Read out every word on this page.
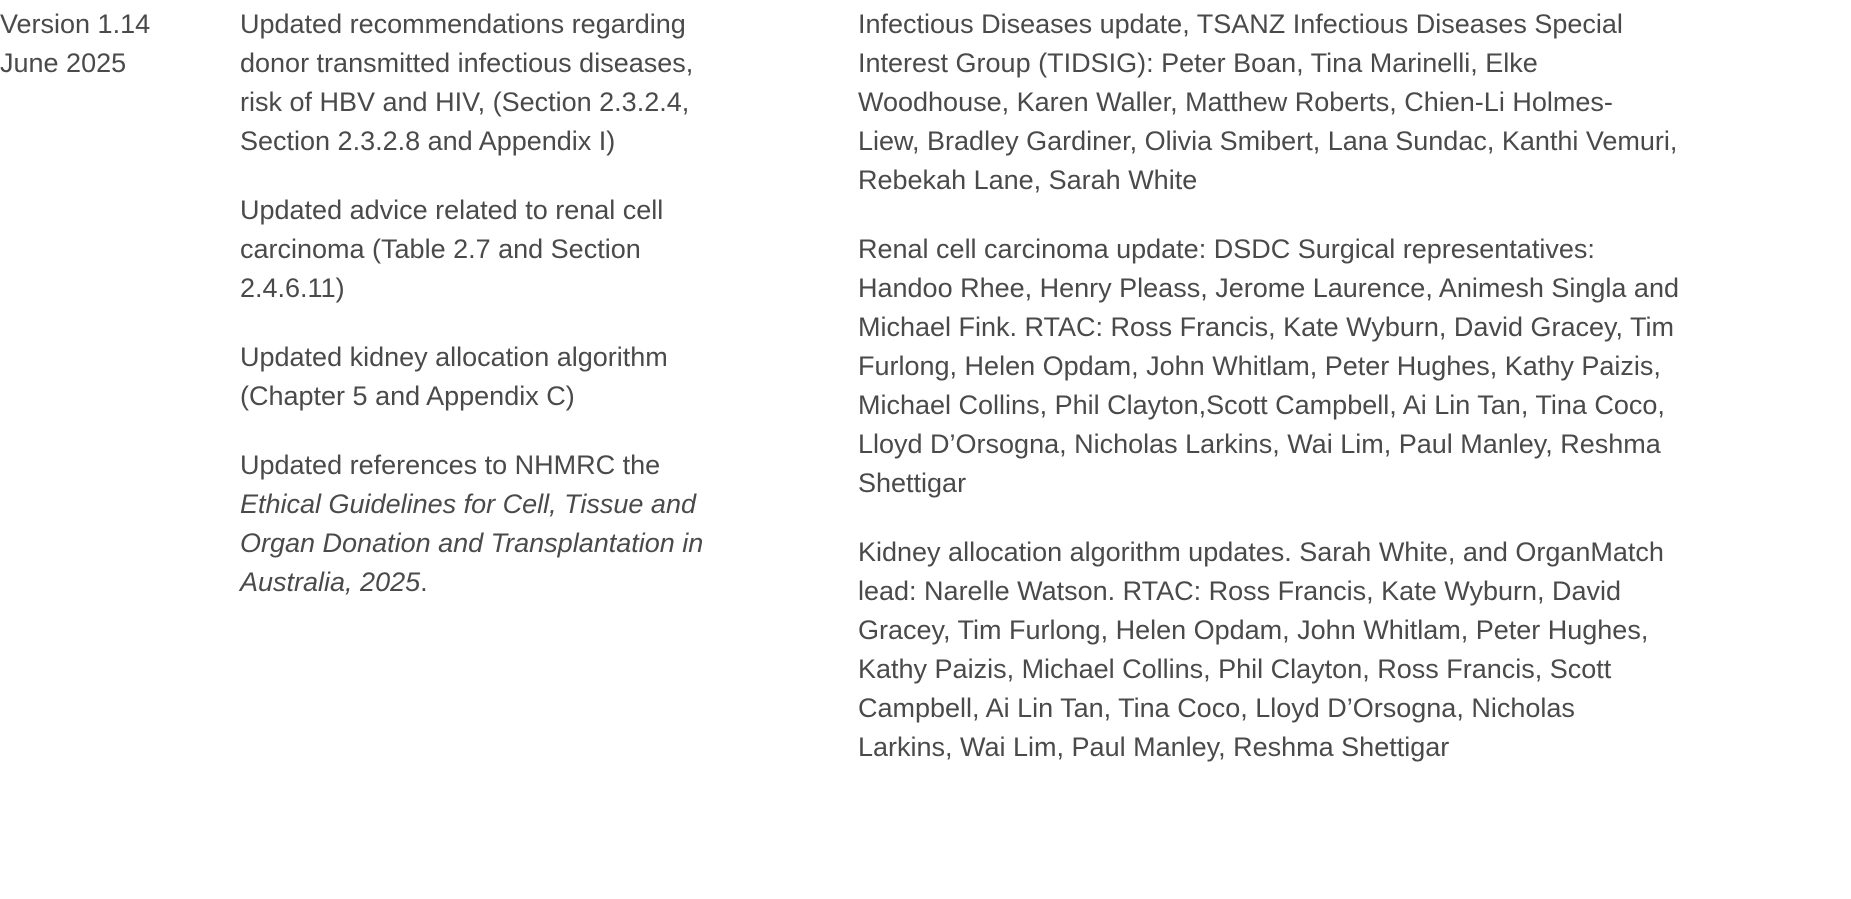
Version 1.14
June 2025
Updated recommendations regarding
donor transmitted infectious diseases,
risk of HBV and HIV, (Section 2.3.2.4,
Section 2.3.2.8 and Appendix I)
Updated advice related to renal cell
carcinoma (Table 2.7 and Section
2.4.6.11)
Updated kidney allocation algorithm
(Chapter 5 and Appendix C)
Updated references to NHMRC the
Ethical Guidelines for Cell, Tissue and
Organ Donation and Transplantation in
Australia, 2025.
Infectious Diseases update, TSANZ Infectious Diseases Special
Interest Group (TIDSIG): Peter Boan, Tina Marinelli, Elke
Woodhouse, Karen Waller, Matthew Roberts, Chien-Li Holmes-
Liew, Bradley Gardiner, Olivia Smibert, Lana Sundac, Kanthi Vemuri,
Rebekah Lane, Sarah White
Renal cell carcinoma update: DSDC Surgical representatives:
Handoo Rhee, Henry Pleass, Jerome Laurence, Animesh Singla and
Michael Fink. RTAC: Ross Francis, Kate Wyburn, David Gracey, Tim
Furlong, Helen Opdam, John Whitlam, Peter Hughes, Kathy Paizis,
Michael Collins, Phil Clayton,Scott Campbell, Ai Lin Tan, Tina Coco,
Lloyd D’Orsogna, Nicholas Larkins, Wai Lim, Paul Manley, Reshma
Shettigar
Kidney allocation algorithm updates. Sarah White, and OrganMatch
lead: Narelle Watson. RTAC: Ross Francis, Kate Wyburn, David
Gracey, Tim Furlong, Helen Opdam, John Whitlam, Peter Hughes,
Kathy Paizis, Michael Collins, Phil Clayton, Ross Francis, Scott
Campbell, Ai Lin Tan, Tina Coco, Lloyd D’Orsogna, Nicholas
Larkins, Wai Lim, Paul Manley, Reshma Shettigar
